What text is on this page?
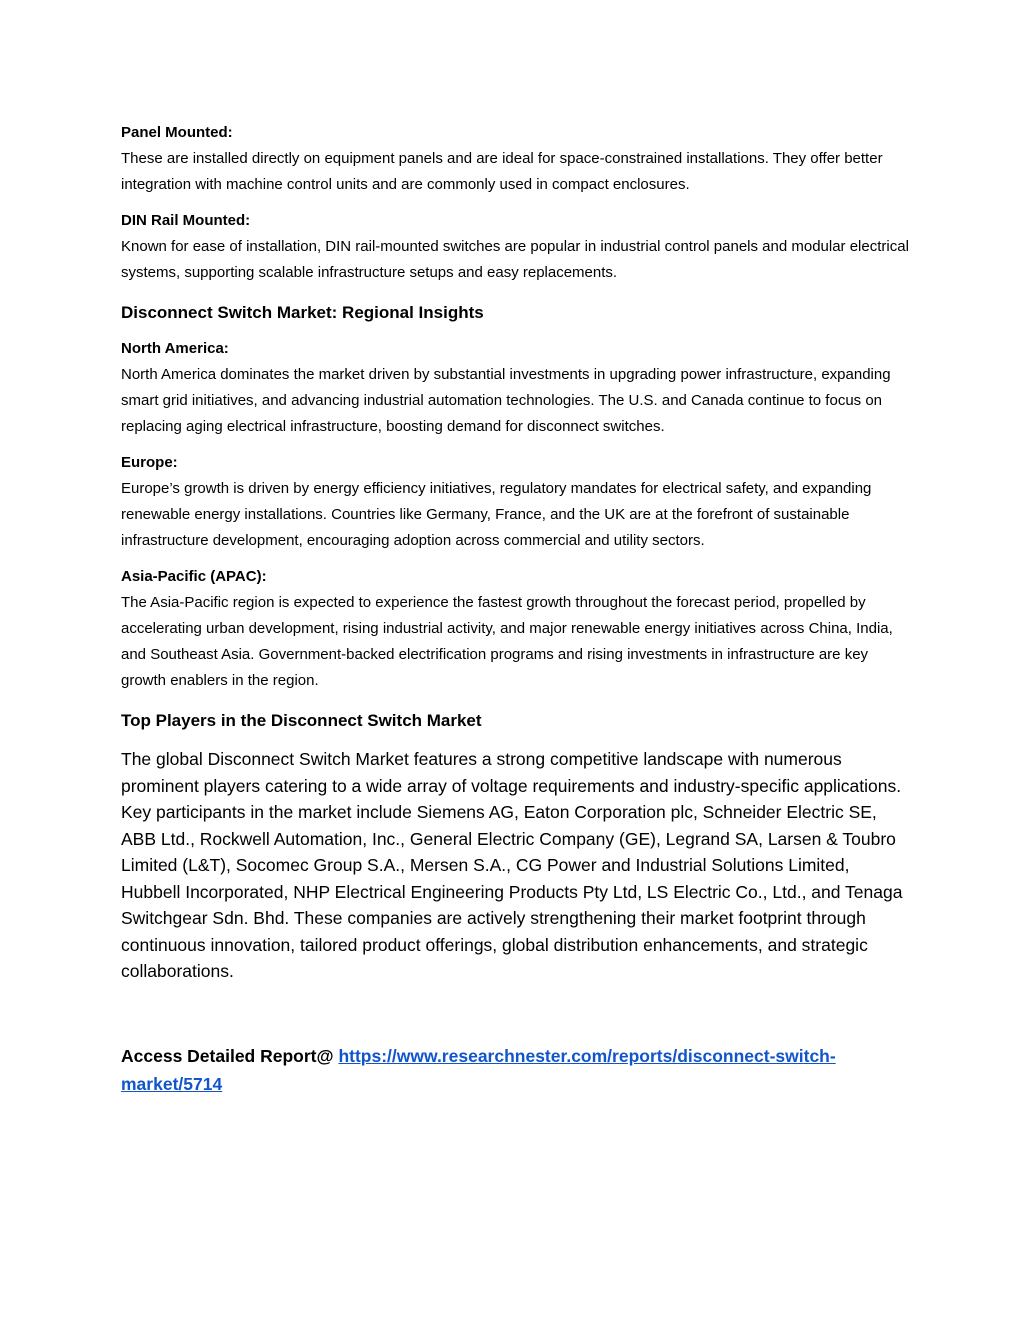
Panel Mounted:

These are installed directly on equipment panels and are ideal for space-constrained installations. They offer better integration with machine control units and are commonly used in compact enclosures.

DIN Rail Mounted:

Known for ease of installation, DIN rail-mounted switches are popular in industrial control panels and modular electrical systems, supporting scalable infrastructure setups and easy replacements.

Disconnect Switch Market: Regional Insights

North America:

North America dominates the market driven by substantial investments in upgrading power infrastructure, expanding smart grid initiatives, and advancing industrial automation technologies. The U.S. and Canada continue to focus on replacing aging electrical infrastructure, boosting demand for disconnect switches.

Europe:

Europe’s growth is driven by energy efficiency initiatives, regulatory mandates for electrical safety, and expanding renewable energy installations. Countries like Germany, France, and the UK are at the forefront of sustainable infrastructure development, encouraging adoption across commercial and utility sectors.

Asia-Pacific (APAC):

The Asia-Pacific region is expected to experience the fastest growth throughout the forecast period, propelled by accelerating urban development, rising industrial activity, and major renewable energy initiatives across China, India, and Southeast Asia. Government-backed electrification programs and rising investments in infrastructure are key growth enablers in the region.

Top Players in the Disconnect Switch Market

The global Disconnect Switch Market features a strong competitive landscape with numerous prominent players catering to a wide array of voltage requirements and industry-specific applications. Key participants in the market include Siemens AG, Eaton Corporation plc, Schneider Electric SE, ABB Ltd., Rockwell Automation, Inc., General Electric Company (GE), Legrand SA, Larsen & Toubro Limited (L&T), Socomec Group S.A., Mersen S.A., CG Power and Industrial Solutions Limited, Hubbell Incorporated, NHP Electrical Engineering Products Pty Ltd, LS Electric Co., Ltd., and Tenaga Switchgear Sdn. Bhd. These companies are actively strengthening their market footprint through continuous innovation, tailored product offerings, global distribution enhancements, and strategic collaborations.

Access Detailed Report@ https://www.researchnester.com/reports/disconnect-switch-market/5714
